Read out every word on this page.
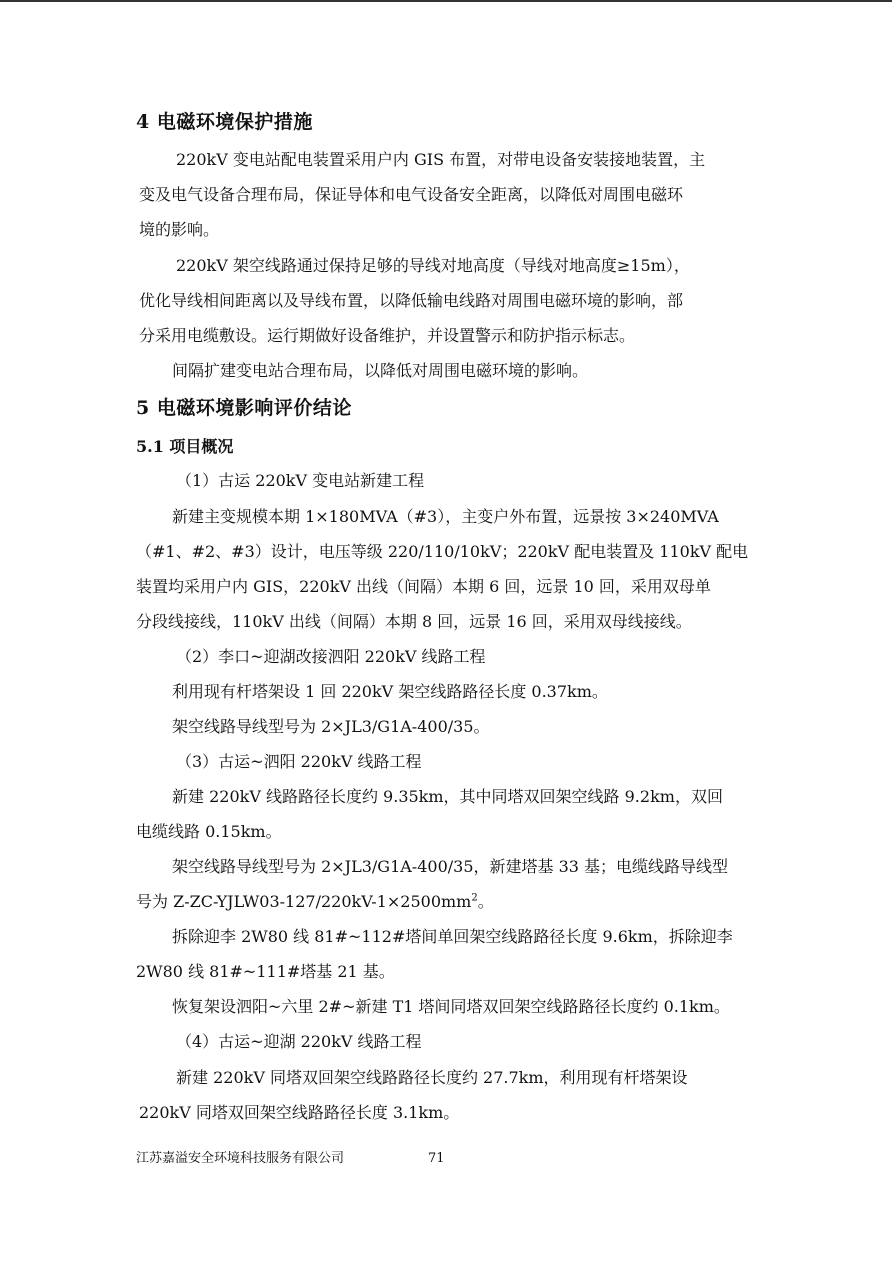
4 电磁环境保护措施
220kV 变电站配电装置采用户内 GIS 布置，对带电设备安装接地装置，主
变及电气设备合理布局，保证导体和电气设备安全距离，以降低对周围电磁环
境的影响。
220kV 架空线路通过保持足够的导线对地高度（导线对地高度≥15m），
优化导线相间距离以及导线布置，以降低输电线路对周围电磁环境的影响，部
分采用电缆敷设。运行期做好设备维护，并设置警示和防护指示标志。
间隔扩建变电站合理布局，以降低对周围电磁环境的影响。
5 电磁环境影响评价结论
5.1 项目概况
（1）古运 220kV 变电站新建工程
新建主变规模本期 1×180MVA（#3），主变户外布置，远景按 3×240MVA
（#1、#2、#3）设计，电压等级 220/110/10kV；220kV 配电装置及 110kV 配电
装置均采用户内 GIS，220kV 出线（间隔）本期 6 回，远景 10 回，采用双母单
分段线接线，110kV 出线（间隔）本期 8 回，远景 16 回，采用双母线接线。
（2）李口~迎湖改接泗阳 220kV 线路工程
利用现有杆塔架设 1 回 220kV 架空线路路径长度 0.37km。
架空线路导线型号为 2×JL3/G1A-400/35。
（3）古运~泗阳 220kV 线路工程
新建 220kV 线路路径长度约 9.35km，其中同塔双回架空线路 9.2km，双回
电缆线路 0.15km。
架空线路导线型号为 2×JL3/G1A-400/35，新建塔基 33 基；电缆线路导线型
号为 $Z-ZC-YJLW03-127/220kV-1\times 2500mm^2$。
拆除迎李 2W80 线 81#~112#塔间单回架空线路路径长度 9.6km，拆除迎李
2W80 线 81#~111#塔基 21 基。
恢复架设泗阳~六里 2#~新建 T1 塔间同塔双回架空线路路径长度约 0.1km。
（4）古运~迎湖 220kV 线路工程
新建 220kV 同塔双回架空线路路径长度约 27.7km，利用现有杆塔架设
220kV 同塔双回架空线路路径长度 3.1km。
江苏嘉溢安全环境科技服务有限公司	71
